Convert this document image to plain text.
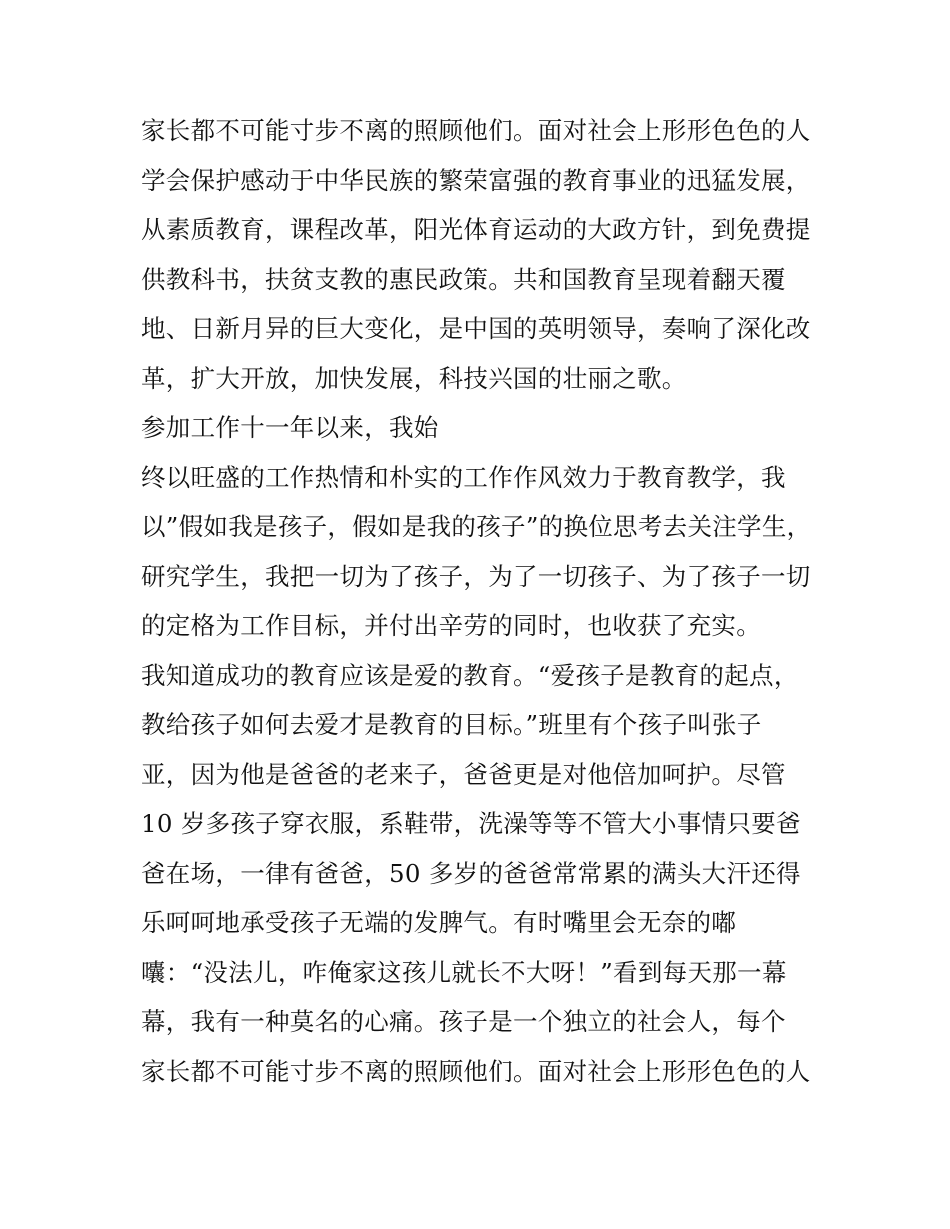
家长都不可能寸步不离的照顾他们。面对社会上形形色色的人
学会保护感动于中华民族的繁荣富强的教育事业的迅猛发展，
从素质教育，课程改革，阳光体育运动的大政方针，到免费提
供教科书，扶贫支教的惠民政策。共和国教育呈现着翻天覆
地、日新月异的巨大变化，是中国的英明领导，奏响了深化改
革，扩大开放，加快发展，科技兴国的壮丽之歌。
参加工作十一年以来，我始
终以旺盛的工作热情和朴实的工作作风效力于教育教学，我
以”假如我是孩子，假如是我的孩子”的换位思考去关注学生，
研究学生，我把一切为了孩子，为了一切孩子、为了孩子一切
的定格为工作目标，并付出辛劳的同时，也收获了充实。
我知道成功的教育应该是爱的教育。“爱孩子是教育的起点，
教给孩子如何去爱才是教育的目标。”班里有个孩子叫张子
亚，因为他是爸爸的老来子，爸爸更是对他倍加呵护。尽管
10 岁多孩子穿衣服，系鞋带，洗澡等等不管大小事情只要爸
爸在场，一律有爸爸，50 多岁的爸爸常常累的满头大汗还得
乐呵呵地承受孩子无端的发脾气。有时嘴里会无奈的嘟
囔：“没法儿，咋俺家这孩儿就长不大呀！”看到每天那一幕
幕，我有一种莫名的心痛。孩子是一个独立的社会人，每个
家长都不可能寸步不离的照顾他们。面对社会上形形色色的人
